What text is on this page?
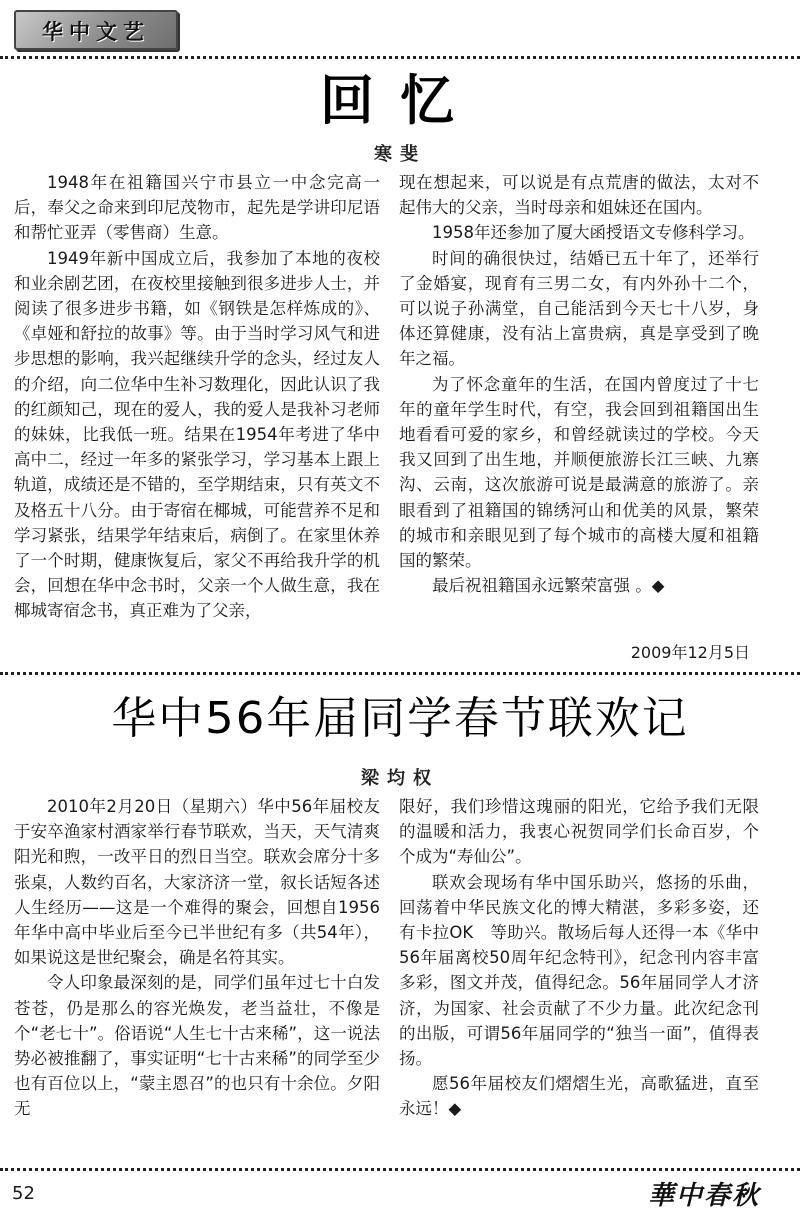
华中文艺
回忆
寒斐

1948年在祖籍国兴宁市县立一中念完高一后，奉父之命来到印尼茂物市，起先是学讲印尼语和帮忙亚弄（零售商）生意。

1949年新中国成立后，我参加了本地的夜校和业余剧艺团，在夜校里接触到很多进步人士，并阅读了很多进步书籍，如《钢铁是怎样炼成的》、《卓娅和舒拉的故事》等。由于当时学习风气和进步思想的影响，我兴起继续升学的念头，经过友人的介绍，向二位华中生补习数理化，因此认识了我的红颜知己，现在的爱人，我的爱人是我补习老师的妹妹，比我低一班。结果在1954年考进了华中高中二，经过一年多的紧张学习，学习基本上跟上轨道，成绩还是不错的，至学期结束，只有英文不及格五十八分。由于寄宿在椰城，可能营养不足和学习紧张，结果学年结束后，病倒了。在家里休养了一个时期，健康恢复后，家父不再给我升学的机会，回想在华中念书时，父亲一个人做生意，我在椰城寄宿念书，真正难为了父亲，

现在想起来，可以说是有点荒唐的做法，太对不起伟大的父亲，当时母亲和姐妹还在国内。

1958年还参加了厦大函授语文专修科学习。

时间的确很快过，结婚已五十年了，还举行了金婚宴，现育有三男二女，有内外孙十二个，可以说子孙满堂，自己能活到今天七十八岁，身体还算健康，没有沾上富贵病，真是享受到了晚年之福。

为了怀念童年的生活，在国内曾度过了十七年的童年学生时代，有空，我会回到祖籍国出生地看看可爱的家乡，和曾经就读过的学校。今天我又回到了出生地，并顺便旅游长江三峡、九寨沟、云南，这次旅游可说是最满意的旅游了。亲眼看到了祖籍国的锦绣河山和优美的风景，繁荣的城市和亲眼见到了每个城市的高楼大厦和祖籍国的繁荣。

最后祝祖籍国永远繁荣富强 。◆

2009年12月5日
华中56年届同学春节联欢记
梁均权

2010年2月20日（星期六）华中56年届校友于安卒渔家村酒家举行春节联欢，当天，天气清爽阳光和煦，一改平日的烈日当空。联欢会席分十多张桌，人数约百名，大家济济一堂，叙长话短各述人生经历——这是一个难得的聚会，回想自1956年华中高中毕业后至今已半世纪有多（共54年），如果说这是世纪聚会，确是名符其实。

令人印象最深刻的是，同学们虽年过七十白发苍苍，仍是那么的容光焕发，老当益壮，不像是个“老七十”。俗语说“人生七十古来稀”，这一说法势必被推翻了，事实证明“七十古来稀”的同学至少也有百位以上，“蒙主恩召”的也只有十余位。夕阳无

限好，我们珍惜这瑰丽的阳光，它给予我们无限的温暖和活力，我衷心祝贺同学们长命百岁，个个成为“寿仙公”。

联欢会现场有华中国乐助兴，悠扬的乐曲，回荡着中华民族文化的博大精湛，多彩多姿，还有卡拉OK　等助兴。散场后每人还得一本《华中56年届离校50周年纪念特刊》，纪念刊内容丰富多彩，图文并茂，值得纪念。56年届同学人才济济，为国家、社会贡献了不少力量。此次纪念刊的出版，可谓56年届同学的“独当一面”，值得表扬。

愿56年届校友们熠熠生光，高歌猛进，直至永远！◆

52	華中春秋
